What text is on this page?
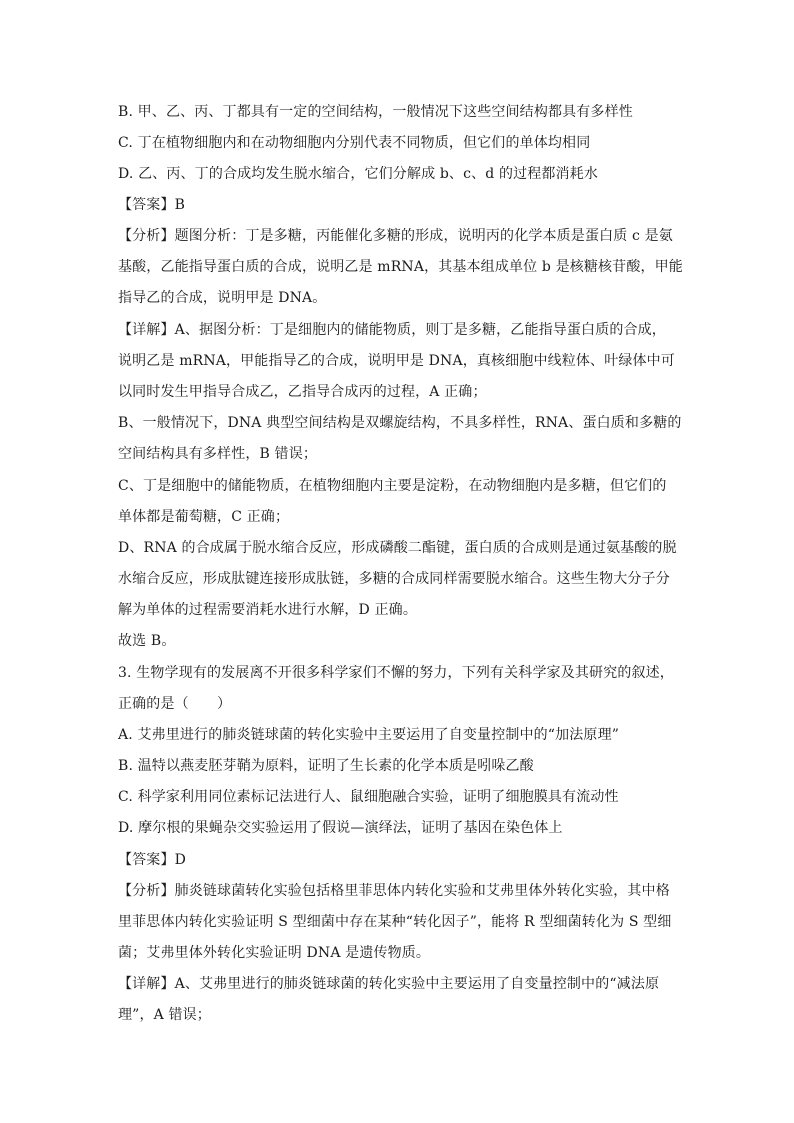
B. 甲、乙、丙、丁都具有一定的空间结构，一般情况下这些空间结构都具有多样性
C. 丁在植物细胞内和在动物细胞内分别代表不同物质，但它们的单体均相同
D. 乙、丙、丁的合成均发生脱水缩合，它们分解成 b、c、d 的过程都消耗水
【答案】B
【分析】题图分析：丁是多糖，丙能催化多糖的形成，说明丙的化学本质是蛋白质 c 是氨
基酸，乙能指导蛋白质的合成，说明乙是 mRNA，其基本组成单位 b 是核糖核苷酸，甲能
指导乙的合成，说明甲是 DNA。
【详解】A、据图分析：丁是细胞内的储能物质，则丁是多糖，乙能指导蛋白质的合成，
说明乙是 mRNA，甲能指导乙的合成，说明甲是 DNA，真核细胞中线粒体、叶绿体中可
以同时发生甲指导合成乙，乙指导合成丙的过程，A 正确；
B、一般情况下，DNA 典型空间结构是双螺旋结构，不具多样性，RNA、蛋白质和多糖的
空间结构具有多样性，B 错误；
C、丁是细胞中的储能物质，在植物细胞内主要是淀粉，在动物细胞内是多糖，但它们的
单体都是葡萄糖，C 正确；
D、RNA 的合成属于脱水缩合反应，形成磷酸二酯键，蛋白质的合成则是通过氨基酸的脱
水缩合反应，形成肽键连接形成肽链，多糖的合成同样需要脱水缩合。这些生物大分子分
解为单体的过程需要消耗水进行水解，D 正确。
故选 B。
3. 生物学现有的发展离不开很多科学家们不懈的努力，下列有关科学家及其研究的叙述，
正确的是（　　）
A. 艾弗里进行的肺炎链球菌的转化实验中主要运用了自变量控制中的“加法原理”
B. 温特以燕麦胚芽鞘为原料，证明了生长素的化学本质是吲哚乙酸
C. 科学家利用同位素标记法进行人、鼠细胞融合实验，证明了细胞膜具有流动性
D. 摩尔根的果蝇杂交实验运用了假说—演绎法，证明了基因在染色体上
【答案】D
【分析】肺炎链球菌转化实验包括格里菲思体内转化实验和艾弗里体外转化实验，其中格
里菲思体内转化实验证明 S 型细菌中存在某种“转化因子”，能将 R 型细菌转化为 S 型细
菌；艾弗里体外转化实验证明 DNA 是遗传物质。
【详解】A、艾弗里进行的肺炎链球菌的转化实验中主要运用了自变量控制中的“减法原
理”，A 错误；
